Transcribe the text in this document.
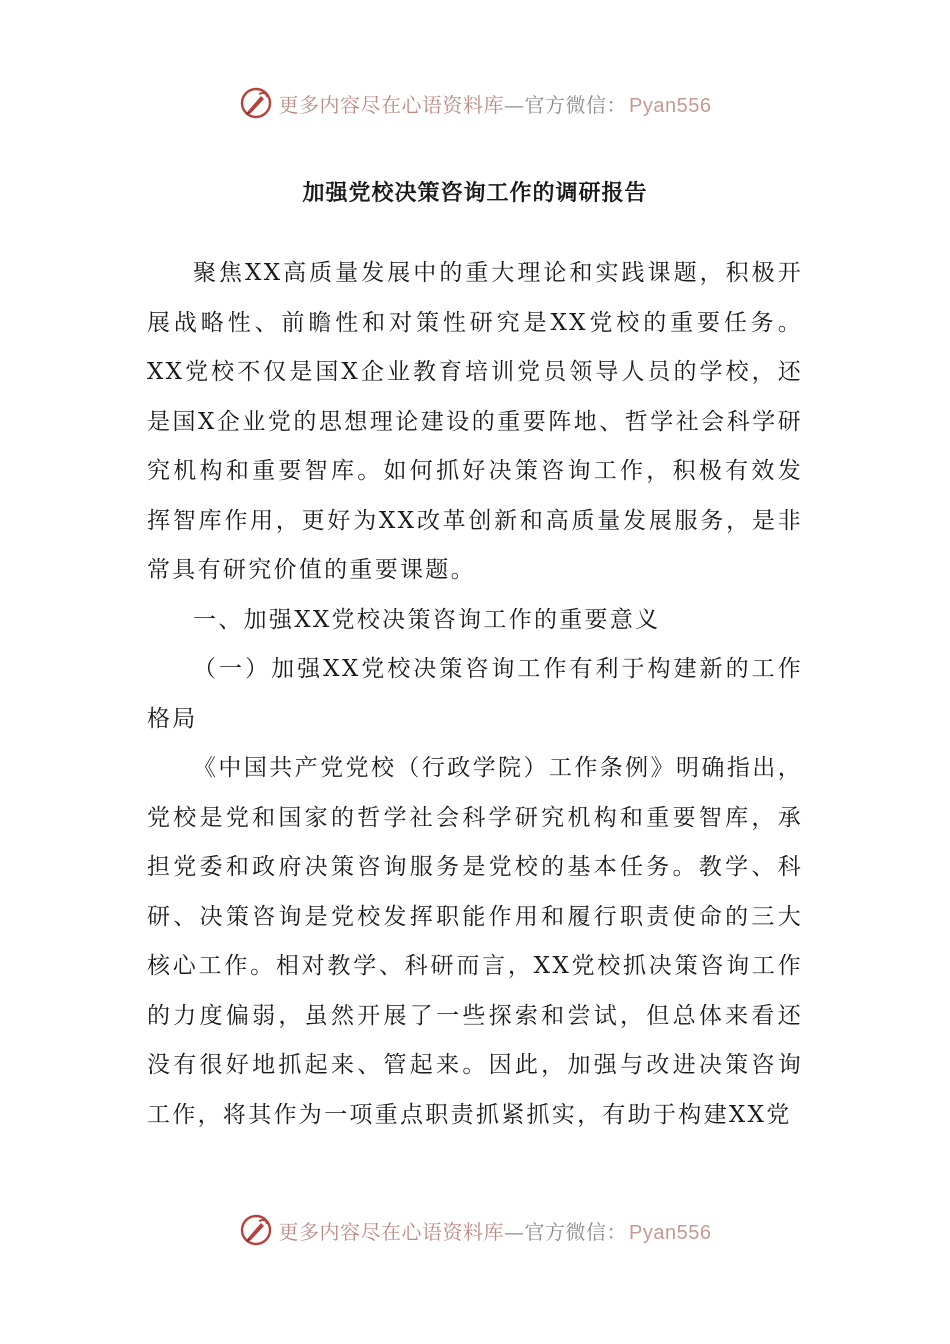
更多内容尽在心语资料库—官方微信： Pyan556
加强党校决策咨询工作的调研报告

聚焦XX高质量发展中的重大理论和实践课题，积极开展战略性、前瞻性和对策性研究是XX党校的重要任务。XX党校不仅是国X企业教育培训党员领导人员的学校，还是国X企业党的思想理论建设的重要阵地、哲学社会科学研究机构和重要智库。如何抓好决策咨询工作，积极有效发挥智库作用，更好为XX改革创新和高质量发展服务，是非常具有研究价值的重要课题。

一、加强XX党校决策咨询工作的重要意义

（一）加强XX党校决策咨询工作有利于构建新的工作格局

《中国共产党党校（行政学院）工作条例》明确指出，党校是党和国家的哲学社会科学研究机构和重要智库，承担党委和政府决策咨询服务是党校的基本任务。教学、科研、决策咨询是党校发挥职能作用和履行职责使命的三大核心工作。相对教学、科研而言，XX党校抓决策咨询工作的力度偏弱，虽然开展了一些探索和尝试，但总体来看还没有很好地抓起来、管起来。因此，加强与改进决策咨询工作，将其作为一项重点职责抓紧抓实，有助于构建XX党

更多内容尽在心语资料库—官方微信： Pyan556
